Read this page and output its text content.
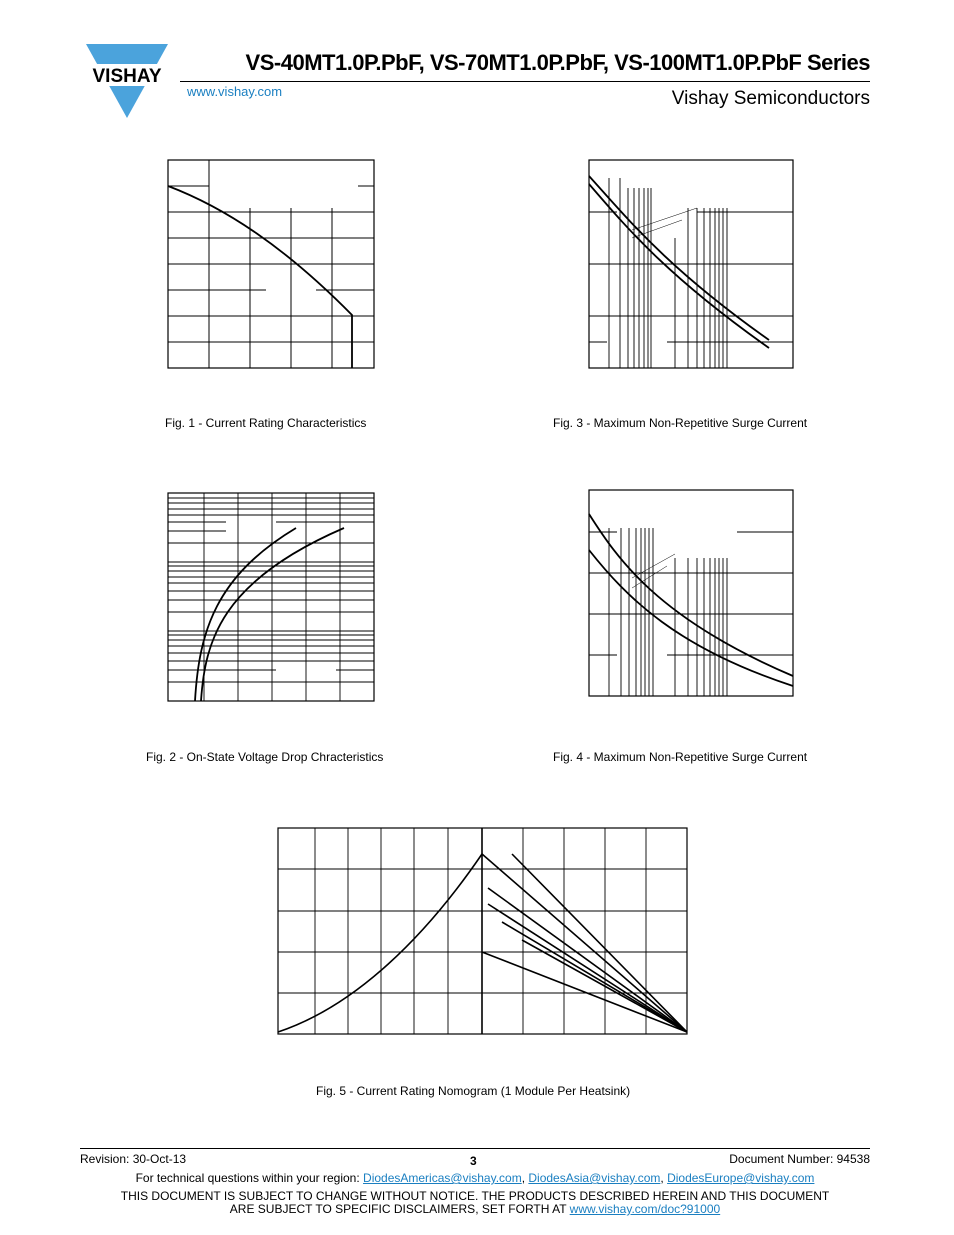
VISHAY
VS-40MT1.0P.PbF, VS-70MT1.0P.PbF, VS-100MT1.0P.PbF Series
www.vishay.com	Vishay Semiconductors
Fig. 1 - Current Rating Characteristics	Fig. 3 - Maximum Non-Repetitive Surge Current
Fig. 2 - On-State Voltage Drop Chracteristics	Fig. 4 - Maximum Non-Repetitive Surge Current
Fig. 5 - Current Rating Nomogram (1 Module Per Heatsink)
Revision: 30-Oct-13	3	Document Number: 94538
For technical questions within your region: DiodesAmericas@vishay.com, DiodesAsia@vishay.com, DiodesEurope@vishay.com
THIS DOCUMENT IS SUBJECT TO CHANGE WITHOUT NOTICE. THE PRODUCTS DESCRIBED HEREIN AND THIS DOCUMENT
ARE SUBJECT TO SPECIFIC DISCLAIMERS, SET FORTH AT www.vishay.com/doc?91000
